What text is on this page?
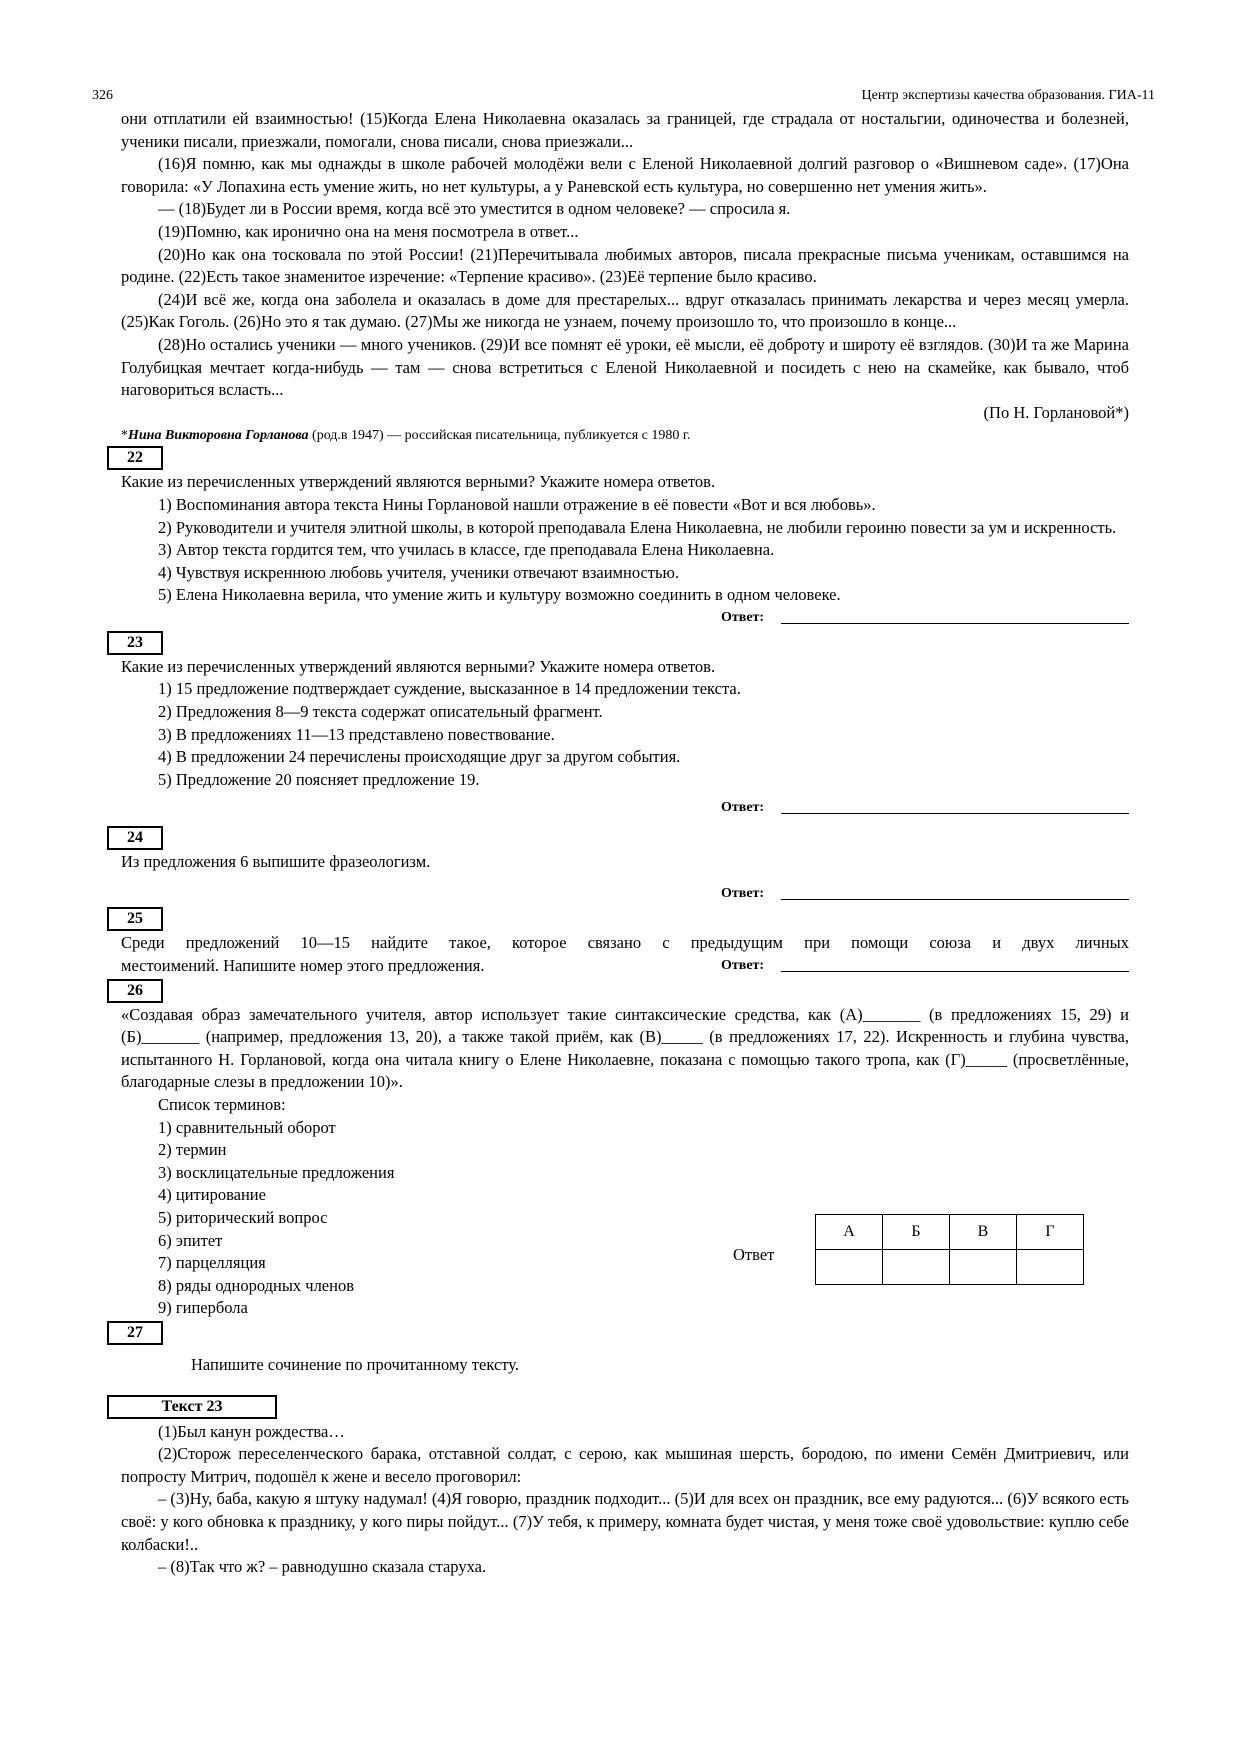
326	Центр экспертизы качества образования. ГИА-11

они отплатили ей взаимностью! (15)Когда Елена Николаевна оказалась за границей, где страдала от ностальгии, одиночества и болезней, ученики писали, приезжали, помогали, снова писали, снова приезжали...

(16)Я помню, как мы однажды в школе рабочей молодёжи вели с Еленой Николаевной долгий разговор о «Вишневом саде». (17)Она говорила: «У Лопахина есть умение жить, но нет культуры, а у Раневской есть культура, но совершенно нет умения жить».

— (18)Будет ли в России время, когда всё это уместится в одном человеке? — спросила я.

(19)Помню, как иронично она на меня посмотрела в ответ...

(20)Но как она тосковала по этой России! (21)Перечитывала любимых авторов, писала прекрасные письма ученикам, оставшимся на родине. (22)Есть такое знаменитое изречение: «Терпение красиво». (23)Её терпение было красиво.

(24)И всё же, когда она заболела и оказалась в доме для престарелых... вдруг отказалась принимать лекарства и через месяц умерла. (25)Как Гоголь. (26)Но это я так думаю. (27)Мы же никогда не узнаем, почему произошло то, что произошло в конце...

(28)Но остались ученики — много учеников. (29)И все помнят её уроки, её мысли, её доброту и широту её взглядов. (30)И та же Марина Голубицкая мечтает когда-нибудь — там — снова встретиться с Еленой Николаевной и посидеть с нею на скамейке, как бывало, чтоб наговориться всласть...

(По Н. Горлановой*)

*Нина Викторовна Горланова (род.в 1947) — российская писательница, публикуется с 1980 г.
22

Какие из перечисленных утверждений являются верными? Укажите номера ответов.

1) Воспоминания автора текста Нины Горлановой нашли отражение в её повести «Вот и вся любовь».

2) Руководители и учителя элитной школы, в которой преподавала Елена Николаевна, не любили героиню повести за ум и искренность.

3) Автор текста гордится тем, что училась в классе, где преподавала Елена Николаевна.

4) Чувствуя искреннюю любовь учителя, ученики отвечают взаимностью.

5) Елена Николаевна верила, что умение жить и культуру возможно соединить в одном человеке.

Ответ:
23

Какие из перечисленных утверждений являются верными? Укажите номера ответов.

1) 15 предложение подтверждает суждение, высказанное в 14 предложении текста.

2) Предложения 8—9 текста содержат описательный фрагмент.

3) В предложениях 11—13 представлено повествование.

4) В предложении 24 перечислены происходящие друг за другом события.

5) Предложение 20 поясняет предложение 19.

Ответ:
24

Из предложения 6 выпишите фразеологизм.

Ответ:
25

Среди предложений 10—15 найдите такое, которое связано с предыдущим при помощи союза и двух личных

местоимений. Напишите номер этого предложения.	Ответ:
26

«Создавая образ замечательного учителя, автор использует такие синтаксические средства, как (А)_______ (в предложениях 15, 29) и (Б)_______ (например, предложения 13, 20), а также такой приём, как (В)_____ (в предложениях 17, 22). Искренность и глубина чувства, испытанного Н. Горлановой, когда она читала книгу о Елене Николаевне, показана с помощью такого тропа, как (Г)_____ (просветлённые, благодарные слезы в предложении 10)».

Список терминов:

1) сравнительный оборот

2) термин

3) восклицательные предложения

4) цитирование

5) риторический вопрос

6) эпитет

7) парцелляция

8) ряды однородных членов

9) гипербола

Ответ
А	Б	В	Г

27

Напишите сочинение по прочитанному тексту.

Текст 23

(1)Был канун рождества…

(2)Сторож переселенческого барака, отставной солдат, с серою, как мышиная шерсть, бородою, по имени Семён Дмитриевич, или попросту Митрич, подошёл к жене и весело проговорил:

– (3)Ну, баба, какую я штуку надумал! (4)Я говорю, праздник подходит... (5)И для всех он праздник, все ему радуются... (6)У всякого есть своё: у кого обновка к празднику, у кого пиры пойдут... (7)У тебя, к примеру, комната будет чистая, у меня тоже своё удовольствие: куплю себе колбаски!..

– (8)Так что ж? – равнодушно сказала старуха.
